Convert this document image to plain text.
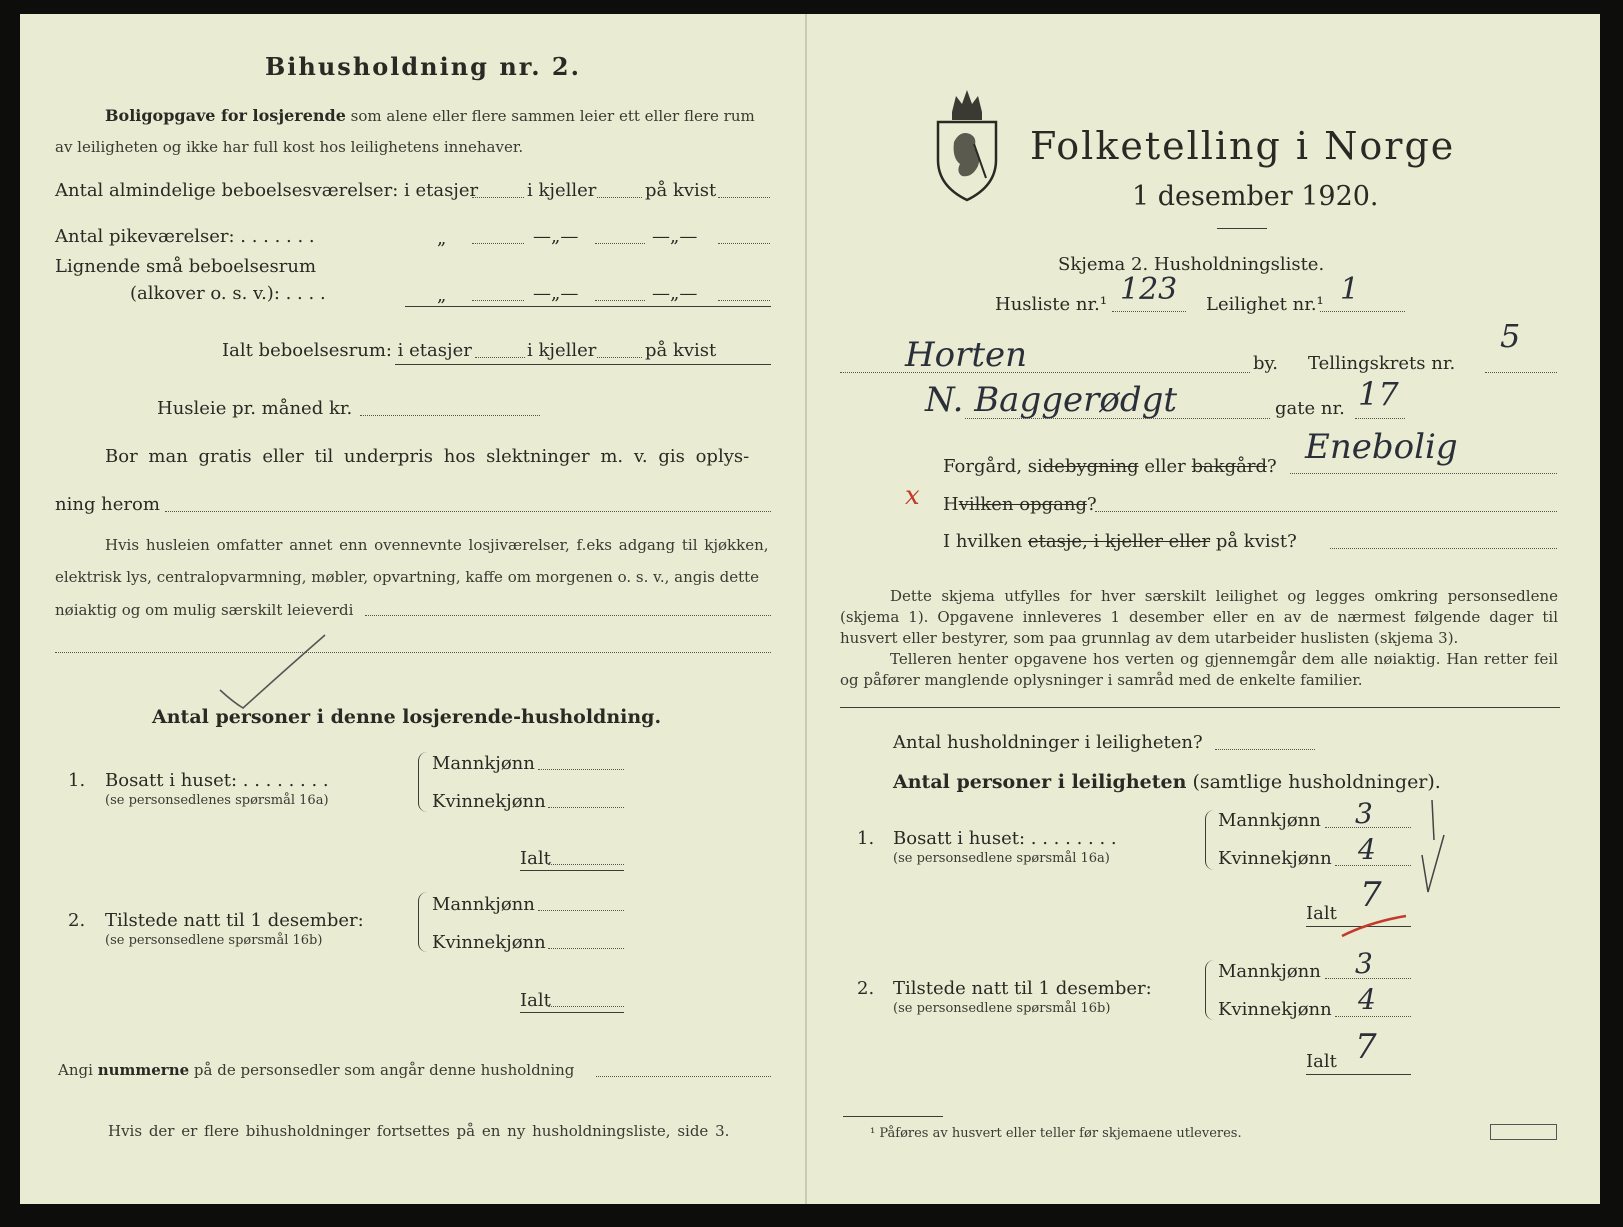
Bihusholdning nr. 2.
Boligopgave for losjerende som alene eller flere sammen leier ett eller flere rum
av leiligheten og ikke har full kost hos leilighetens innehaver.
Antal almindelige beboelsesværelser: i etasjer	i kjeller	på kvist
Antal pikeværelser: . . . . . . .	„	—„—	—„—
Lignende små beboelsesrum
(alkover o. s. v.): . . . .	„	—„—	—„—
Ialt beboelsesrum: i etasjer	i kjeller	på kvist
Husleie pr. måned kr.
Bor man gratis eller til underpris hos slektninger m. v. gis oplys-
ning herom
Hvis husleien omfatter annet enn ovennevnte losjiværelser, f.eks adgang til kjøkken,
elektrisk lys, centralopvarmning, møbler, opvartning, kaffe om morgenen o. s. v., angis dette
nøiaktig og om mulig særskilt leieverdi
Antal personer i denne losjerende-husholdning.
1. Bosatt i huset: . . . . . . . .
(se personsedlenes spørsmål 16a)
Mannkjønn
Kvinnekjønn
Ialt
2. Tilstede natt til 1 desember:
(se personsedlene spørsmål 16b)
Mannkjønn
Kvinnekjønn
Ialt
Angi nummerne på de personsedler som angår denne husholdning
Hvis der er flere bihusholdninger fortsettes på en ny husholdningsliste, side 3.
Folketelling i Norge
1 desember 1920.
Skjema 2. Husholdningsliste.
Husliste nr.¹ 123 Leilighet nr.¹ 1
Horten	by. Tellingskrets nr.
5
N. Baggerødgt	gate nr. 17
Forgård, sidebygning eller bakgård? Enebolig
x Hvilken opgang?
I hvilken etasje, i kjeller eller på kvist?
Dette skjema utfylles for hver særskilt leilighet og legges omkring personsedlene (skjema 1). Opgavene innleveres 1 desember eller en av de nærmest følgende dager til husvert eller bestyrer, som paa grunnlag av dem utarbeider huslisten (skjema 3).
Telleren henter opgavene hos verten og gjennemgår dem alle nøiaktig. Han retter feil og påfører manglende oplysninger i samråd med de enkelte familier.
Antal husholdninger i leiligheten?
Antal personer i leiligheten (samtlige husholdninger).
1. Bosatt i huset: . . . . . . . .
(se personsedlene spørsmål 16a)
Mannkjønn 3
Kvinnekjønn 4
Ialt 7
2. Tilstede natt til 1 desember:
(se personsedlene spørsmål 16b)
Mannkjønn 3
Kvinnekjønn 4
Ialt 7
¹ Påføres av husvert eller teller før skjemaene utleveres.
